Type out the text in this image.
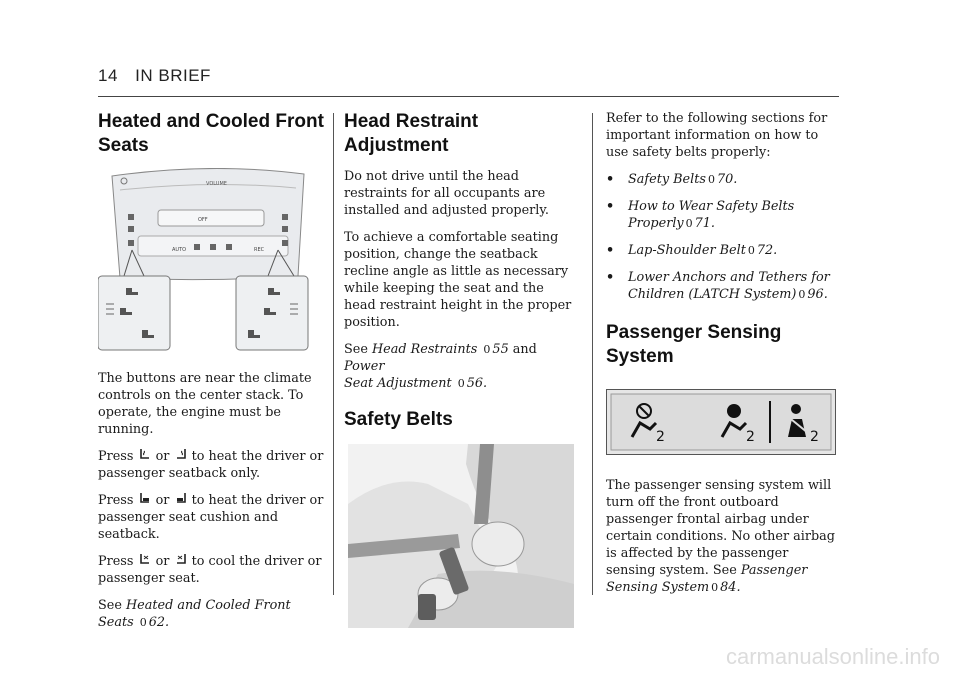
14 IN BRIEF
Heated and Cooled Front Seats
VOLUME
OFF
AUTO	REC

The buttons are near the climate controls on the center stack. To operate, the engine must be running.

Press or to heat the driver or passenger seatback only.

Press or to heat the driver or passenger seat cushion and seatback.

Press or to cool the driver or passenger seat.

See Heated and Cooled Front
Seats 0 62.

Head Restraint Adjustment

Do not drive until the head restraints for all occupants are installed and adjusted properly.

To achieve a comfortable seating position, change the seatback recline angle as little as necessary while keeping the seat and the head restraint height in the proper position.

See Head Restraints 0 55 and Power
Seat Adjustment 0 56.

Safety Belts

Refer to the following sections for important information on how to use safety belts properly:

•	Safety Belts 0 70.
•	How to Wear Safety Belts
Properly 0 71.
•	Lap-Shoulder Belt 0 72.
•	Lower Anchors and Tethers for
Children (LATCH System) 0 96.
Passenger Sensing System
2	2	2

The passenger sensing system will turn off the front outboard passenger frontal airbag under certain conditions. No other airbag is affected by the passenger sensing system. See Passenger Sensing System 0 84.

carmanualsonline.info
